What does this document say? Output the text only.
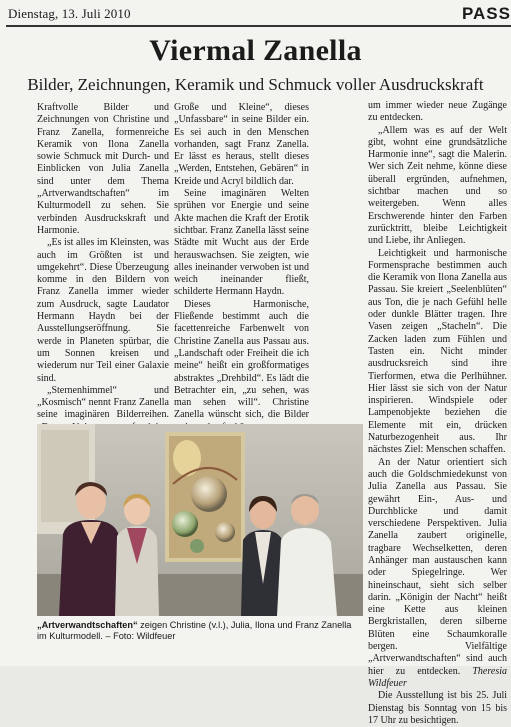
Dienstag, 13. Juli 2010	PASS
Viermal Zanella
Bilder, Zeichnungen, Keramik und Schmuck voller Ausdruckskraft

Kraftvolle Bilder und Zeichnungen von Christine und Franz Zanella, formenreiche Keramik von Ilona Zanella sowie Schmuck mit Durch- und Einblicken von Julia Zanella sind unter dem Thema „Artverwandtschaften“ im Kulturmodell zu sehen. Sie verbinden Ausdruckskraft und Harmonie.

„Es ist alles im Kleinsten, was auch im Größten ist und umgekehrt“. Diese Überzeugung komme in den Bildern von Franz Zanella immer wieder zum Ausdruck, sagte Laudator Hermann Haydn bei der Ausstellungseröffnung. Sie werde in Planeten spürbar, die um Sonnen kreisen und wiederum nur Teil einer Galaxie sind.

„Sternenhimmel“ und „Kosmisch“ nennt Franz Zanella seine imaginären Bilderreihen.

Große und Kleine“, dieses „Unfassbare“ in seine Bilder ein. Es sei auch in den Menschen vorhanden, sagt Franz Zanella. Er lässt es heraus, stellt dieses „Werden, Entstehen, Gebären“ in Kreide und Acryl bildlich dar.

Seine imaginären Welten sprühen vor Energie und seine Akte machen die Kraft der Erotik sichtbar. Franz Zanella lässt seine Städte mit Wucht aus der Erde herauswachsen. Sie zeigten, wie alles ineinander verwoben ist und weich ineinander fließt, schilderte Hermann Haydn.

Dieses Harmonische, Fließende bestimmt auch die facettenreiche Farbenwelt von Christine Zanella aus Passau aus. „Landschaft oder Freiheit die ich meine“ heißt ein großformatiges abstraktes „Drehbild“. Es lädt die Betrachter ein, „zu sehen, was man sehen will“. Christine Zanella wünscht sich, die Bilder

um immer wieder neue Zugänge zu entdecken.

„Allem was es auf der Welt gibt, wohnt eine grundsätzliche Harmonie inne“, sagt die Malerin. Wer sich Zeit nehme, könne diese überall ergründen, aufnehmen, sichtbar machen und so weitergeben. Wenn alles Erschwerende hinter den Farben zurücktritt, bleibe Leichtigkeit und Liebe, ihr Anliegen.

Leichtigkeit und harmonische Formensprache bestimmen auch die Keramik von Ilona Zanella aus Passau. Sie kreiert „Seelenblüten“ aus Ton, die je nach Gefühl helle oder dunkle Blätter tragen. Ihre Vasen zeigen „Stacheln“. Die Zacken laden zum Fühlen und Tasten ein. Nicht minder ausdrucksreich sind ihre Tierformen, etwa die Perlhühner. Hier lässt sie sich von der Natur inspirieren. Windspiele oder Lampenobjekte beziehen die Elemente mit ein, drücken Naturbezogenheit aus. Ihr nächstes Ziel: Menschen schaffen.

An der Natur orientiert sich auch die Goldschmiedekunst von Julia Zanella aus Passau. Sie gewährt Ein-, Aus- und Durchblicke und damit verschiedene Perspektiven. Julia Zanella zaubert originelle, tragbare Wechselketten, deren Anhänger man austauschen kann oder Spiegelringe. Wer hineinschaut, sieht sich selber darin. „Königin der Nacht“ heißt eine Kette aus kleinen Bergkristallen, deren silberne Blüten eine Schaumkoralle bergen. Vielfältige „Artverwandtschaften“ sind auch hier zu entdecken. Theresia Wildfeuer

Die Ausstellung ist bis 25. Juli Dienstag bis Sonntag von 15 bis 17 Uhr zu besichtigen.

„Artverwandtschaften“ zeigen Christine (v.l.), Julia, Ilona und Franz Zanella im Kulturmodell. – Foto: Wildfeuer
